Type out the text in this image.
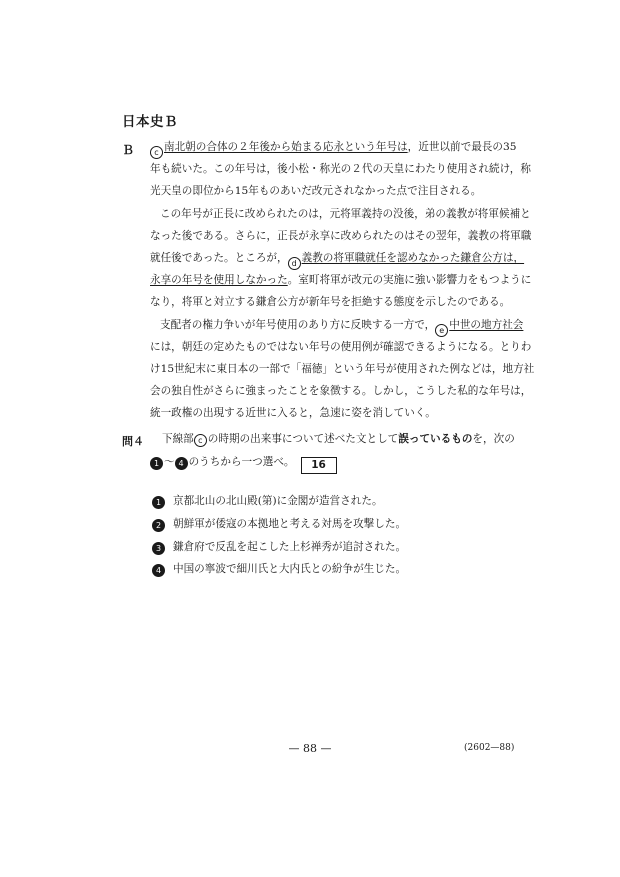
日本史Ｂ
Ｂ	c 南北朝の合体の２年後から始まる応永という年号は，近世以前で最長の35
年も続いた。この年号は，後小松・称光の２代の天皇にわたり使用され続け，称
光天皇の即位から15年ものあいだ改元されなかった点で注目される。
この年号が正長に改められたのは，元将軍義持の没後，弟の義教が将軍候補と
なった後である。さらに，正長が永享に改められたのはその翌年，義教の将軍職
就任後であった。ところが， d 義教の将軍職就任を認めなかった鎌倉公方は，
永享の年号を使用しなかった。室町将軍が改元の実施に強い影響力をもつように
なり，将軍と対立する鎌倉公方が新年号を拒絶する態度を示したのである。
支配者の権力争いが年号使用のあり方に反映する一方で， e 中世の地方社会
には，朝廷の定めたものではない年号の使用例が確認できるようになる。とりわ
け15世紀末に東日本の一部で「福徳」という年号が使用された例などは，地方社
会の独自性がさらに強まったことを象徴する。しかし，こうした私的な年号は，
統一政権の出現する近世に入ると，急速に姿を消していく。
問４ 下線部 c の時期の出来事について述べた文として誤っているものを，次の
1 ～ 4 のうちから一つ選べ。 16
1 京都北山の北山殿(第)に金閣が造営された。
2 朝鮮軍が倭寇の本拠地と考える対馬を攻撃した。
3 鎌倉府で反乱を起こした上杉禅秀が追討された。
4 中国の寧波で細川氏と大内氏との紛争が生じた。
— 88 —	(2602—88)
